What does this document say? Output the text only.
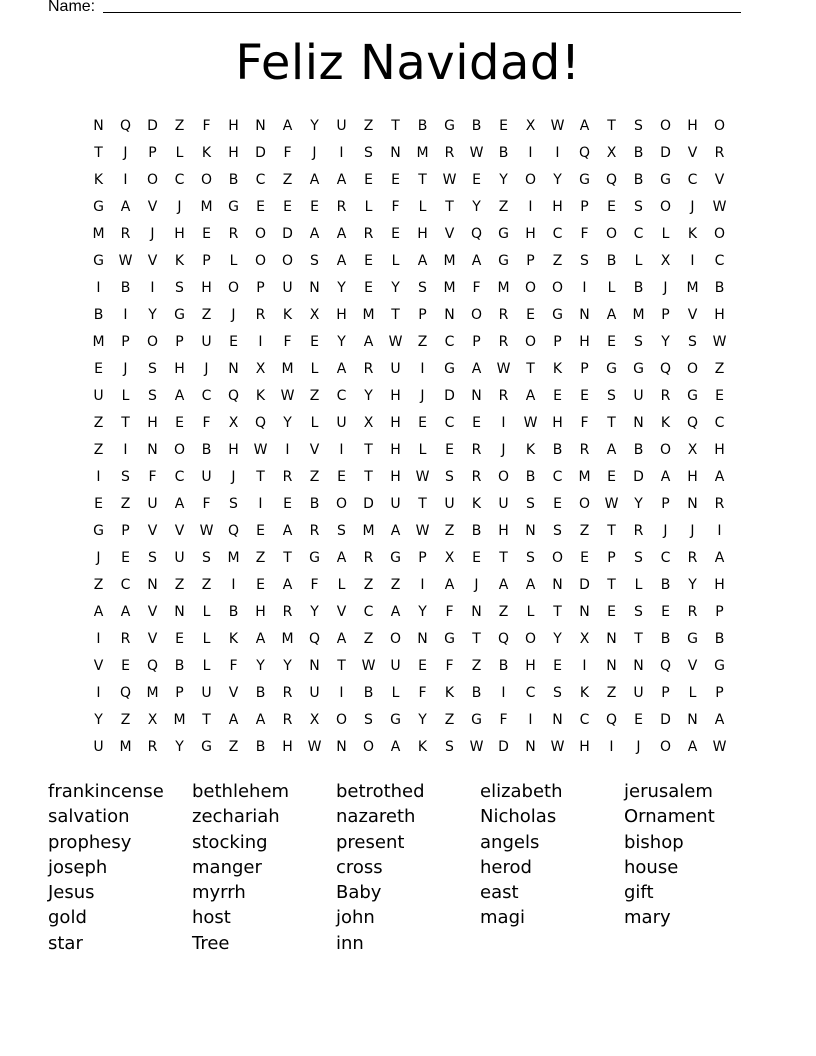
Name:
Feliz Navidad!
N	Q	D	Z	F	H	N	A	Y	U	Z	T	B	G	B	E	X	W	A	T	S	O	H	O
T	J	P	L	K	H	D	F	J	I	S	N	M	R	W	B	I	I	Q	X	B	D	V	R
K	I	O	C	O	B	C	Z	A	A	E	E	T	W	E	Y	O	Y	G	Q	B	G	C	V
G	A	V	J	M	G	E	E	E	R	L	F	L	T	Y	Z	I	H	P	E	S	O	J	W
M	R	J	H	E	R	O	D	A	A	R	E	H	V	Q	G	H	C	F	O	C	L	K	O
G	W	V	K	P	L	O	O	S	A	E	L	A	M	A	G	P	Z	S	B	L	X	I	C
I	B	I	S	H	O	P	U	N	Y	E	Y	S	M	F	M	O	O	I	L	B	J	M	B
B	I	Y	G	Z	J	R	K	X	H	M	T	P	N	O	R	E	G	N	A	M	P	V	H
M	P	O	P	U	E	I	F	E	Y	A	W	Z	C	P	R	O	P	H	E	S	Y	S	W
E	J	S	H	J	N	X	M	L	A	R	U	I	G	A	W	T	K	P	G	G	Q	O	Z
U	L	S	A	C	Q	K	W	Z	C	Y	H	J	D	N	R	A	E	E	S	U	R	G	E
Z	T	H	E	F	X	Q	Y	L	U	X	H	E	C	E	I	W	H	F	T	N	K	Q	C
Z	I	N	O	B	H	W	I	V	I	T	H	L	E	R	J	K	B	R	A	B	O	X	H
I	S	F	C	U	J	T	R	Z	E	T	H	W	S	R	O	B	C	M	E	D	A	H	A
E	Z	U	A	F	S	I	E	B	O	D	U	T	U	K	U	S	E	O	W	Y	P	N	R
G	P	V	V	W	Q	E	A	R	S	M	A	W	Z	B	H	N	S	Z	T	R	J	J	I
J	E	S	U	S	M	Z	T	G	A	R	G	P	X	E	T	S	O	E	P	S	C	R	A
Z	C	N	Z	Z	I	E	A	F	L	Z	Z	I	A	J	A	A	N	D	T	L	B	Y	H
A	A	V	N	L	B	H	R	Y	V	C	A	Y	F	N	Z	L	T	N	E	S	E	R	P
I	R	V	E	L	K	A	M	Q	A	Z	O	N	G	T	Q	O	Y	X	N	T	B	G	B
V	E	Q	B	L	F	Y	Y	N	T	W	U	E	F	Z	B	H	E	I	N	N	Q	V	G
I	Q	M	P	U	V	B	R	U	I	B	L	F	K	B	I	C	S	K	Z	U	P	L	P
Y	Z	X	M	T	A	A	R	X	O	S	G	Y	Z	G	F	I	N	C	Q	E	D	N	A
U	M	R	Y	G	Z	B	H	W	N	O	A	K	S	W	D	N	W	H	I	J	O	A	W
frankincense	bethlehem	betrothed	elizabeth	jerusalem
salvation	zechariah	nazareth	Nicholas	Ornament
prophesy	stocking	present	angels	bishop
joseph	manger	cross	herod	house
Jesus	myrrh	Baby	east	gift
gold	host	john	magi	mary
star	Tree	inn
